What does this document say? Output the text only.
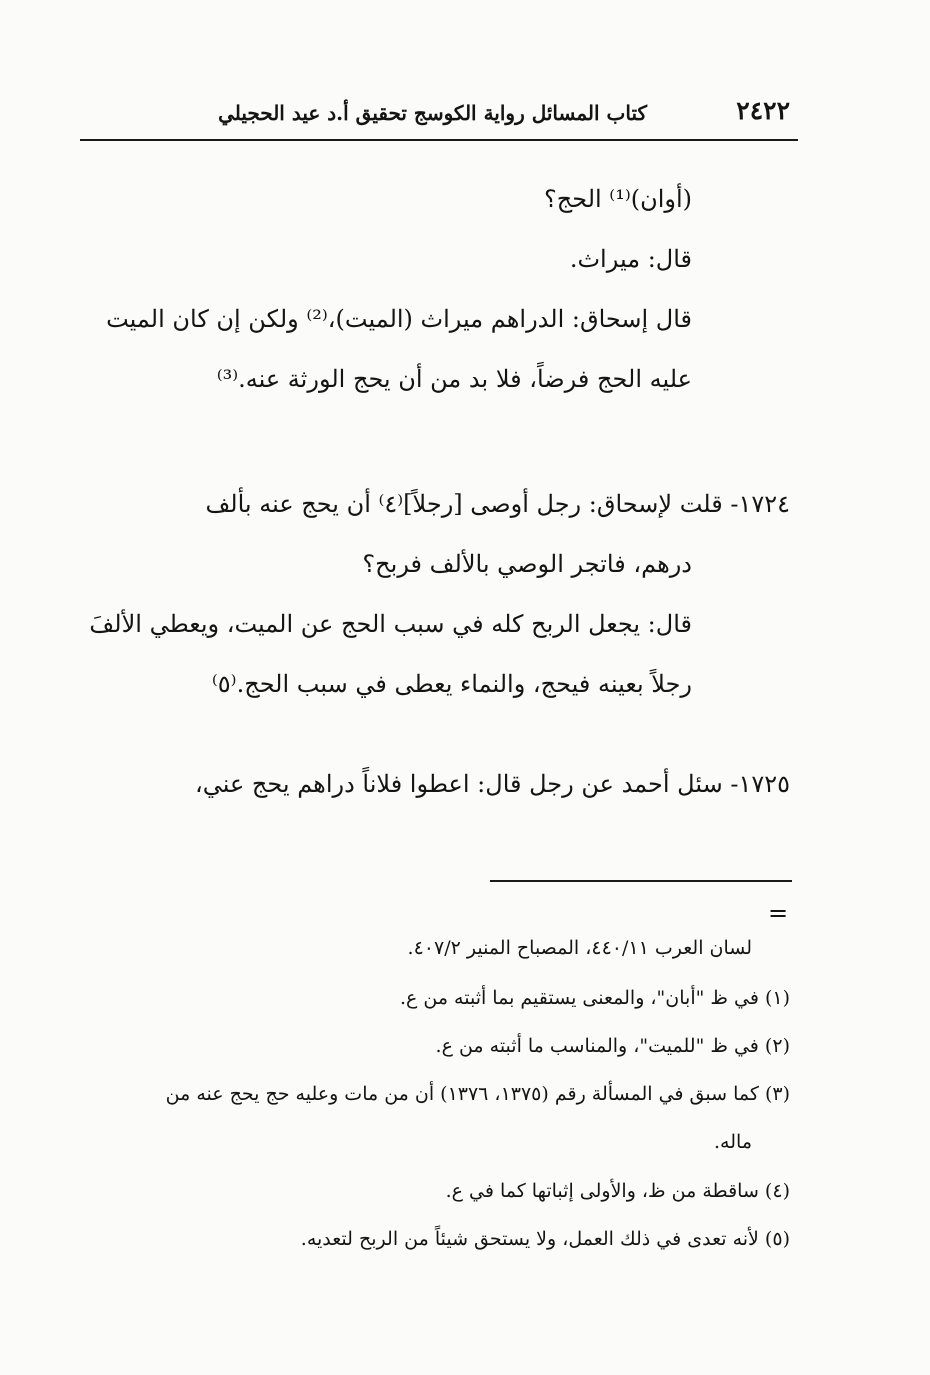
٢٤٢٢
كتاب المسائل رواية الكوسج تحقيق أ.د عيد الحجيلي
(أوان)⁽¹⁾ الحج؟
قال: ميراث.
قال إسحاق: الدراهم ميراث (الميت)،⁽²⁾ ولكن إن كان الميت
عليه الحج فرضاً، فلا بد من أن يحج الورثة عنه.⁽³⁾
١٧٢٤- قلت لإسحاق: رجل أوصى [رجلاً]⁽٤⁾ أن يحج عنه بألف
درهم، فاتجر الوصي بالألف فربح؟
قال: يجعل الربح كله في سبب الحج عن الميت، ويعطي الألفَ
رجلاً بعينه فيحج، والنماء يعطى في سبب الحج.⁽٥⁾
١٧٢٥- سئل أحمد عن رجل قال: اعطوا فلاناً دراهم يحج عني،
=
لسان العرب ٤٤٠/١١، المصباح المنير ٤٠٧/٢.
(١) في ظ "أبان"، والمعنى يستقيم بما أثبته من ع.
(٢) في ظ "للميت"، والمناسب ما أثبته من ع.
(٣) كما سبق في المسألة رقم (١٣٧٥، ١٣٧٦) أن من مات وعليه حج يحج عنه من
ماله.
(٤) ساقطة من ظ، والأولى إثباتها كما في ع.
(٥) لأنه تعدى في ذلك العمل، ولا يستحق شيئاً من الربح لتعديه.
